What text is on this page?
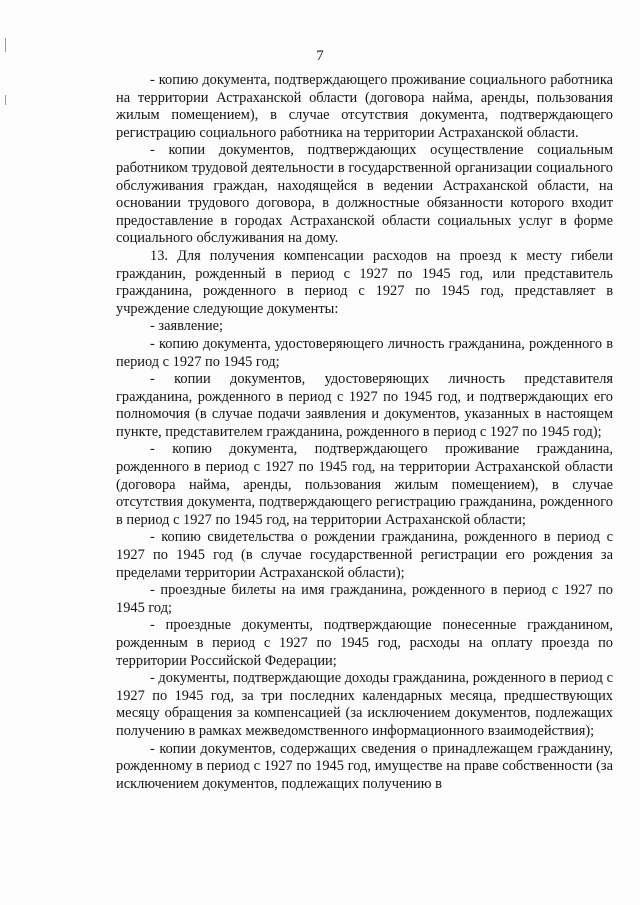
7

- копию документа, подтверждающего проживание социального работника на территории Астраханской области (договора найма, аренды, пользования жилым помещением), в случае отсутствия документа, подтверждающего регистрацию социального работника на территории Астраханской области.

- копии документов, подтверждающих осуществление социальным работником трудовой деятельности в государственной организации социального обслуживания граждан, находящейся в ведении Астраханской области, на основании трудового договора, в должностные обязанности которого входит предоставление в городах Астраханской области социальных услуг в форме социального обслуживания на дому.

13. Для получения компенсации расходов на проезд к месту гибели гражданин, рожденный в период с 1927 по 1945 год, или представитель гражданина, рожденного в период с 1927 по 1945 год, представляет в учреждение следующие документы:

- заявление;

- копию документа, удостоверяющего личность гражданина, рожденного в период с 1927 по 1945 год;

- копии документов, удостоверяющих личность представителя гражданина, рожденного в период с 1927 по 1945 год, и подтверждающих его полномочия (в случае подачи заявления и документов, указанных в настоящем пункте, представителем гражданина, рожденного в период с 1927 по 1945 год);

- копию документа, подтверждающего проживание гражданина, рожденного в период с 1927 по 1945 год, на территории Астраханской области (договора найма, аренды, пользования жилым помещением), в случае отсутствия документа, подтверждающего регистрацию гражданина, рожденного в период с 1927 по 1945 год, на территории Астраханской области;

- копию свидетельства о рождении гражданина, рожденного в период с 1927 по 1945 год (в случае государственной регистрации его рождения за пределами территории Астраханской области);

- проездные билеты на имя гражданина, рожденного в период с 1927 по 1945 год;

- проездные документы, подтверждающие понесенные гражданином, рожденным в период с 1927 по 1945 год, расходы на оплату проезда по территории Российской Федерации;

- документы, подтверждающие доходы гражданина, рожденного в период с 1927 по 1945 год, за три последних календарных месяца, предшествующих месяцу обращения за компенсацией (за исключением документов, подлежащих получению в рамках межведомственного информационного взаимодействия);

- копии документов, содержащих сведения о принадлежащем гражданину, рожденному в период с 1927 по 1945 год, имуществе на праве собственности (за исключением документов, подлежащих получению в
